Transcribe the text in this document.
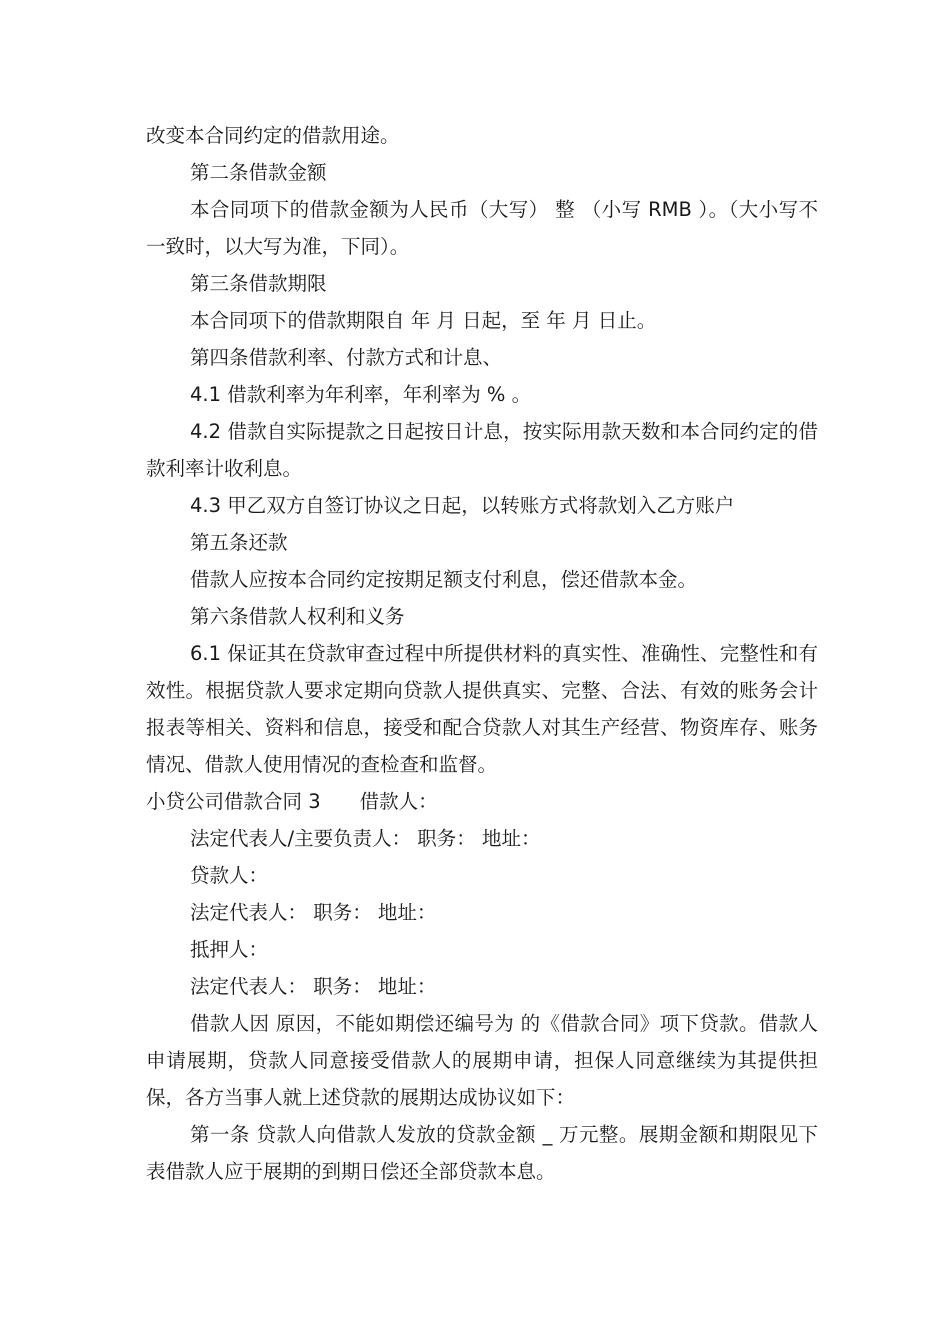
改变本合同约定的借款用途。

第二条借款金额

本合同项下的借款金额为人民币（大写） 整 （小写 RMB ）。（大小写不一致时，以大写为准，下同）。

第三条借款期限

本合同项下的借款期限自 年 月 日起，至 年 月 日止。

第四条借款利率、付款方式和计息、

4.1 借款利率为年利率，年利率为 % 。

4.2 借款自实际提款之日起按日计息，按实际用款天数和本合同约定的借款利率计收利息。

4.3 甲乙双方自签订协议之日起，以转账方式将款划入乙方账户

第五条还款

借款人应按本合同约定按期足额支付利息，偿还借款本金。

第六条借款人权利和义务

6.1 保证其在贷款审查过程中所提供材料的真实性、准确性、完整性和有效性。根据贷款人要求定期向贷款人提供真实、完整、合法、有效的账务会计报表等相关、资料和信息，接受和配合贷款人对其生产经营、物资库存、账务情况、借款人使用情况的查检查和监督。

小贷公司借款合同 3　　借款人：

法定代表人/主要负责人： 职务： 地址：

贷款人：

法定代表人： 职务： 地址：

抵押人：

法定代表人： 职务： 地址：

借款人因 原因，不能如期偿还编号为 的《借款合同》项下贷款。借款人申请展期，贷款人同意接受借款人的展期申请，担保人同意继续为其提供担保，各方当事人就上述贷款的展期达成协议如下：

第一条 贷款人向借款人发放的贷款金额 _ 万元整。展期金额和期限见下表借款人应于展期的到期日偿还全部贷款本息。
